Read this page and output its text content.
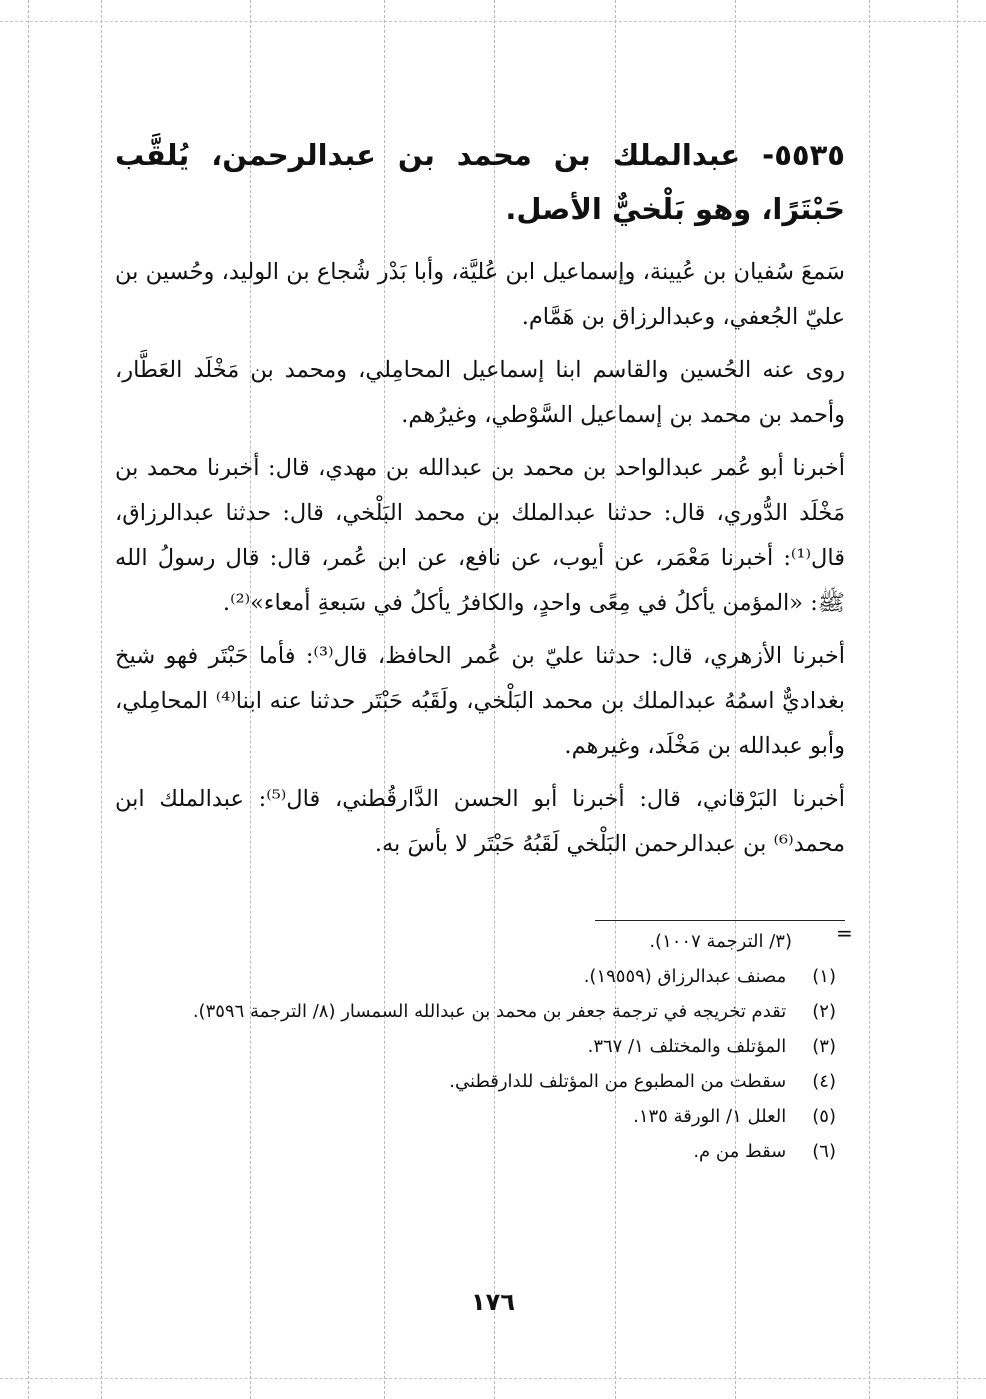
٥٥٣٥- عبدالملك بن محمد بن عبدالرحمن، يُلقَّب حَبْتَرًا، وهو بَلْخيٌّ الأصل.

سَمعَ سُفيان بن عُيينة، وإسماعيل ابن عُليَّة، وأبا بَدْر شُجاع بن الوليد، وحُسين بن عليّ الجُعفي، وعبدالرزاق بن هَمَّام.

روى عنه الحُسين والقاسم ابنا إسماعيل المحامِلي، ومحمد بن مَخْلَد العَطَّار، وأحمد بن محمد بن إسماعيل السَّوْطي، وغيرُهم.

أخبرنا أبو عُمر عبدالواحد بن محمد بن عبدالله بن مهدي، قال: أخبرنا محمد بن مَخْلَد الدُّوري، قال: حدثنا عبدالملك بن محمد البَلْخي، قال: حدثنا عبدالرزاق، قال⁽¹⁾: أخبرنا مَعْمَر، عن أيوب، عن نافع، عن ابن عُمر، قال: قال رسولُ الله ﷺ: «المؤمن يأكلُ في مِعًى واحدٍ، والكافرُ يأكلُ في سَبعةِ أمعاء»⁽²⁾.

أخبرنا الأزهري، قال: حدثنا عليّ بن عُمر الحافظ، قال⁽³⁾: فأما حَبْتَر فهو شيخ بغداديٌّ اسمُهُ عبدالملك بن محمد البَلْخي، ولَقَبُه حَبْتَر حدثنا عنه ابنا⁽⁴⁾ المحامِلي، وأبو عبدالله بن مَخْلَد، وغيرهم.

أخبرنا البَرْقاني، قال: أخبرنا أبو الحسن الدَّارقُطني، قال⁽⁵⁾: عبدالملك ابن محمد⁽⁶⁾ بن عبدالرحمن البَلْخي لَقَبُهُ حَبْتَر لا بأسَ به.

=
(٣/ الترجمة ١٠٠٧).
(١) مصنف عبدالرزاق (١٩٥٥٩).
(٢) تقدم تخريجه في ترجمة جعفر بن محمد بن عبدالله السمسار (٨/ الترجمة ٣٥٩٦).
(٣) المؤتلف والمختلف ١/ ٣٦٧.
(٤) سقطت من المطبوع من المؤتلف للدارقطني.
(٥) العلل ١/ الورقة ١٣٥.
(٦) سقط من م.
١٧٦
